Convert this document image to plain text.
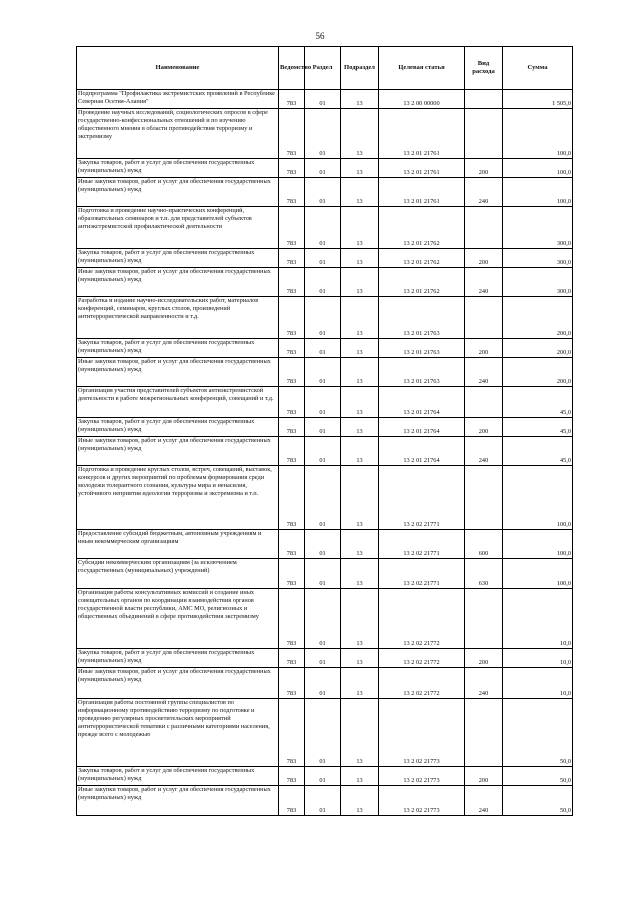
56
Наименование	Ведомство	Раздел	Подраздел	Целевая статья	Вид расхода	Сумма
Подпрограмма "Профилактика экстремистских проявлений в Республике Северная Осетия-Алания"	783	01	13	13 2 00 00000		1 505,0
Проведение научных исследований, социологических опросов в сфере государственно-конфессиональных отношений и по изучению общественного мнения в области противодействия терроризму и экстремизму	783	01	13	13 2 01 21761		100,0
Закупка товаров, работ и услуг для обеспечения государственных (муниципальных) нужд	783	01	13	13 2 01 21761	200	100,0
Иные закупки товаров, работ и услуг для обеспечения государственных (муниципальных) нужд	783	01	13	13 2 01 21761	240	100,0
Подготовка и проведение научно-практических конференций, образовательных семинаров и т.п. для представителей субъектов антиэкстремистской профилактической деятельности	783	01	13	13 2 01 21762		300,0
Закупка товаров, работ и услуг для обеспечения государственных (муниципальных) нужд	783	01	13	13 2 01 21762	200	300,0
Иные закупки товаров, работ и услуг для обеспечения государственных (муниципальных) нужд	783	01	13	13 2 01 21762	240	300,0
Разработка и издание научно-исследовательских работ, материалов конференций, семинаров, круглых столов, произведений антитеррористической направленности и т.д.	783	01	13	13 2 01 21763		200,0
Закупка товаров, работ и услуг для обеспечения государственных (муниципальных) нужд	783	01	13	13 2 01 21763	200	200,0
Иные закупки товаров, работ и услуг для обеспечения государственных (муниципальных) нужд	783	01	13	13 2 01 21763	240	200,0
Организация участия представителей субъектов антиэкстремистской деятельности в работе межрегиональных конференций, совещаний и т.д.	783	01	13	13 2 01 21764		45,0
Закупка товаров, работ и услуг для обеспечения государственных (муниципальных) нужд	783	01	13	13 2 01 21764	200	45,0
Иные закупки товаров, работ и услуг для обеспечения государственных (муниципальных) нужд	783	01	13	13 2 01 21764	240	45,0
Подготовка и проведение круглых столов, встреч, совещаний, выставок, конкурсов и других мероприятий по проблемам формирования среди молодежи толерантного сознания, культуры мира и ненасилия, устойчивого неприятия идеологии терроризма и экстремизма и т.п.	783	01	13	13 2 02 21771		100,0
Предоставление субсидий бюджетным, автономным учреждениям и иным некоммерческим организациям	783	01	13	13 2 02 21771	600	100,0
Субсидии некоммерческим организациям (за исключением государственных (муниципальных) учреждений)	783	01	13	13 2 02 21771	630	100,0
Организация работы консультативных комиссий и создание иных совещательных органов по координации взаимодействия органов государственной власти республики, АМС МО, религиозных и общественных объединений в сфере противодействия экстремизму	783	01	13	13 2 02 21772		10,0
Закупка товаров, работ и услуг для обеспечения государственных (муниципальных) нужд	783	01	13	13 2 02 21772	200	10,0
Иные закупки товаров, работ и услуг для обеспечения государственных (муниципальных) нужд	783	01	13	13 2 02 21772	240	10,0
Организация работы постоянной группы специалистов по информационному противодействию терроризму по подготовке и проведению регулярных просветительских мероприятий антитеррористической тематики с различными категориями населения, прежде всего с молодежью	783	01	13	13 2 02 21773		50,0
Закупка товаров, работ и услуг для обеспечения государственных (муниципальных) нужд	783	01	13	13 2 02 21773	200	50,0
Иные закупки товаров, работ и услуг для обеспечения государственных (муниципальных) нужд	783	01	13	13 2 02 21773	240	50,0
